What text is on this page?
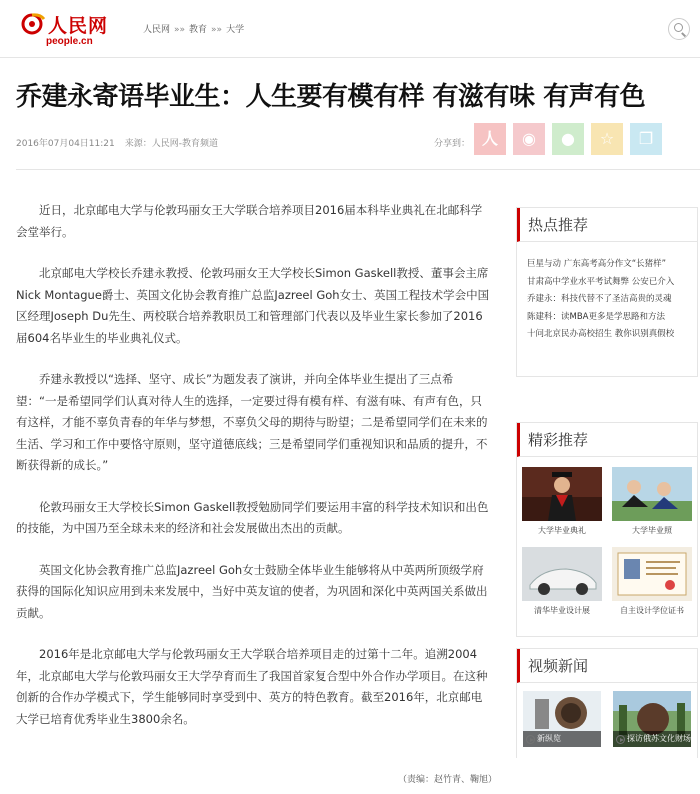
人民网
people.cn
人民网 »» 教育 »» 大学
乔建永寄语毕业生：人生要有模有样 有滋有味 有声有色
2016年07月04日11:21 来源：人民网-教育频道	分享到： 人	◉	●	☆	❐

近日，北京邮电大学与伦敦玛丽女王大学联合培养项目2016届本科毕业典礼在北邮科学会堂举行。

北京邮电大学校长乔建永教授、伦敦玛丽女王大学校长Simon Gaskell教授、董事会主席Nick Montague爵士、英国文化协会教育推广总监Jazreel Goh女士、英国工程技术学会中国区经理Joseph Du先生、两校联合培养教职员工和管理部门代表以及毕业生家长参加了2016届604名毕业生的毕业典礼仪式。

乔建永教授以“选择、坚守、成长”为题发表了演讲，并向全体毕业生提出了三点希望：“一是希望同学们认真对待人生的选择，一定要过得有模有样、有滋有味、有声有色，只有这样，才能不辜负青春的年华与梦想，不辜负父母的期待与盼望；二是希望同学们在未来的生活、学习和工作中要恪守原则，坚守道德底线；三是希望同学们重视知识和品质的提升，不断获得新的成长。”

伦敦玛丽女王大学校长Simon Gaskell教授勉励同学们要运用丰富的科学技术知识和出色的技能，为中国乃至全球未来的经济和社会发展做出杰出的贡献。

英国文化协会教育推广总监Jazreel Goh女士鼓励全体毕业生能够将从中英两所顶级学府获得的国际化知识应用到未来发展中，当好中英友谊的使者，为巩固和深化中英两国关系做出贡献。

2016年是北京邮电大学与伦敦玛丽女王大学联合培养项目走的过第十二年。追溯2004年，北京邮电大学与伦敦玛丽女王大学孕育而生了我国首家复合型中外合作办学项目。在这种创新的合作办学模式下，学生能够同时享受到中、英方的特色教育。截至2016年，北京邮电大学已培育优秀毕业生3800余名。

（责编：赵竹青、鞠旭）
热点推荐
巨星与动 广东高考高分作文“长猪样”
甘肃高中学业水平考试舞弊 公安已介入
乔建永：科技代替不了圣洁高贵的灵魂
陈建科：读MBA更多是学思路和方法
十问北京民办高校招生 教你识别真假校
精彩推荐
大学毕业典礼	大学毕业照
清华毕业设计展	自主设计学位证书
视频新闻
新纵览	探访俄苏文化财场
